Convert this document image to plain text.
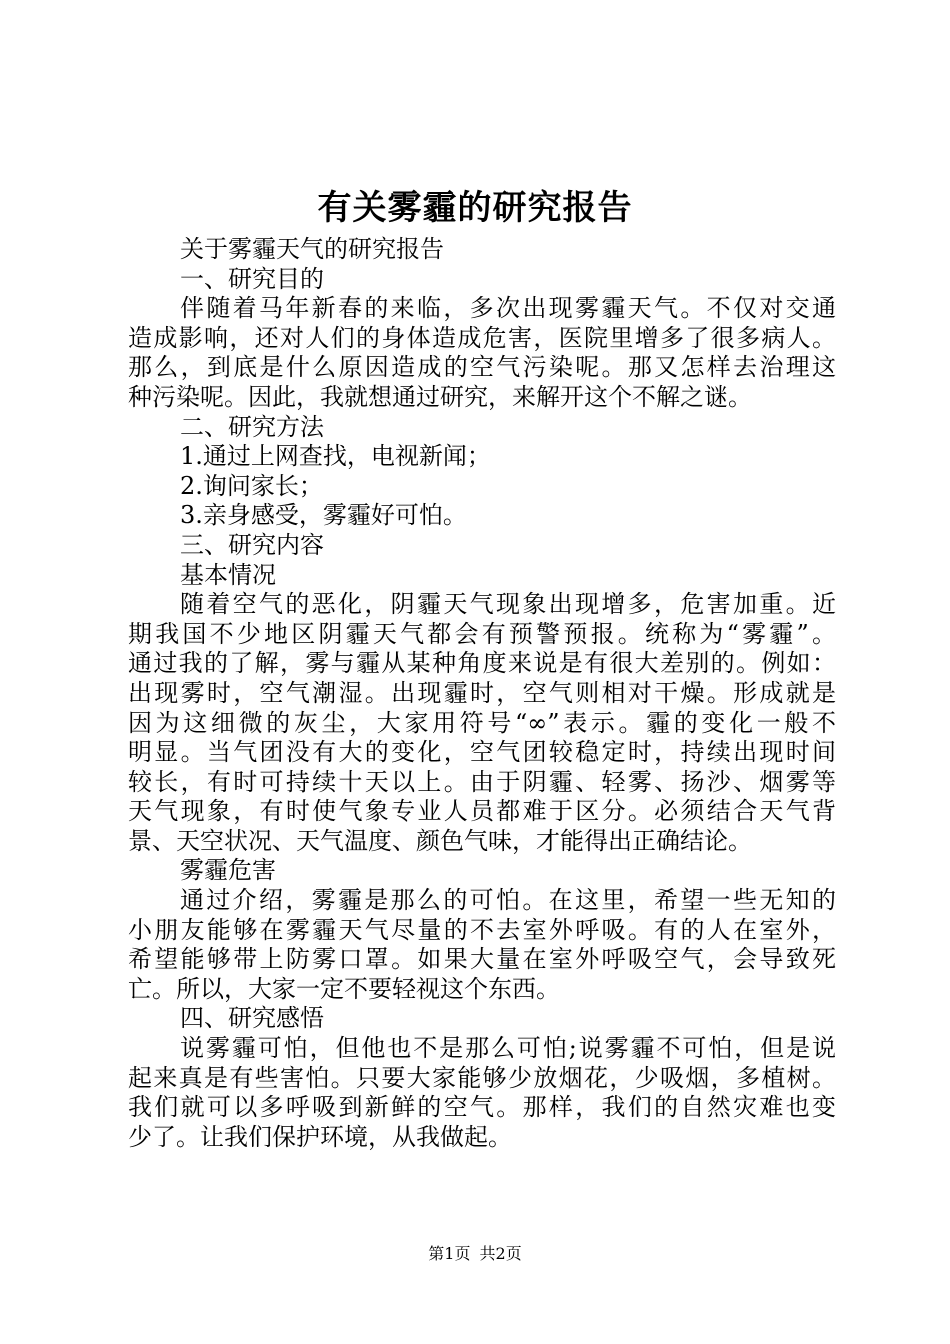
有关雾霾的研究报告
关于雾霾天气的研究报告
一、研究目的
伴随着马年新春的来临，多次出现雾霾天气。不仅对交通
造成影响，还对人们的身体造成危害，医院里增多了很多病人。
那么，到底是什么原因造成的空气污染呢。那又怎样去治理这
种污染呢。因此，我就想通过研究，来解开这个不解之谜。
二、研究方法
1.通过上网查找，电视新闻；
2.询问家长；
3.亲身感受，雾霾好可怕。
三、研究内容
基本情况
随着空气的恶化，阴霾天气现象出现增多，危害加重。近
期我国不少地区阴霾天气都会有预警预报。统称为“雾霾”。
通过我的了解，雾与霾从某种角度来说是有很大差别的。例如：
出现雾时，空气潮湿。出现霾时，空气则相对干燥。形成就是
因为这细微的灰尘，大家用符号“∞”表示。霾的变化一般不
明显。当气团没有大的变化，空气团较稳定时，持续出现时间
较长，有时可持续十天以上。由于阴霾、轻雾、扬沙、烟雾等
天气现象，有时使气象专业人员都难于区分。必须结合天气背
景、天空状况、天气温度、颜色气味，才能得出正确结论。
雾霾危害
通过介绍，雾霾是那么的可怕。在这里，希望一些无知的
小朋友能够在雾霾天气尽量的不去室外呼吸。有的人在室外，
希望能够带上防雾口罩。如果大量在室外呼吸空气，会导致死
亡。所以，大家一定不要轻视这个东西。
四、研究感悟
说雾霾可怕，但他也不是那么可怕;说雾霾不可怕，但是说
起来真是有些害怕。只要大家能够少放烟花，少吸烟，多植树。
我们就可以多呼吸到新鲜的空气。那样，我们的自然灾难也变
少了。让我们保护环境，从我做起。
第1页 共2页
